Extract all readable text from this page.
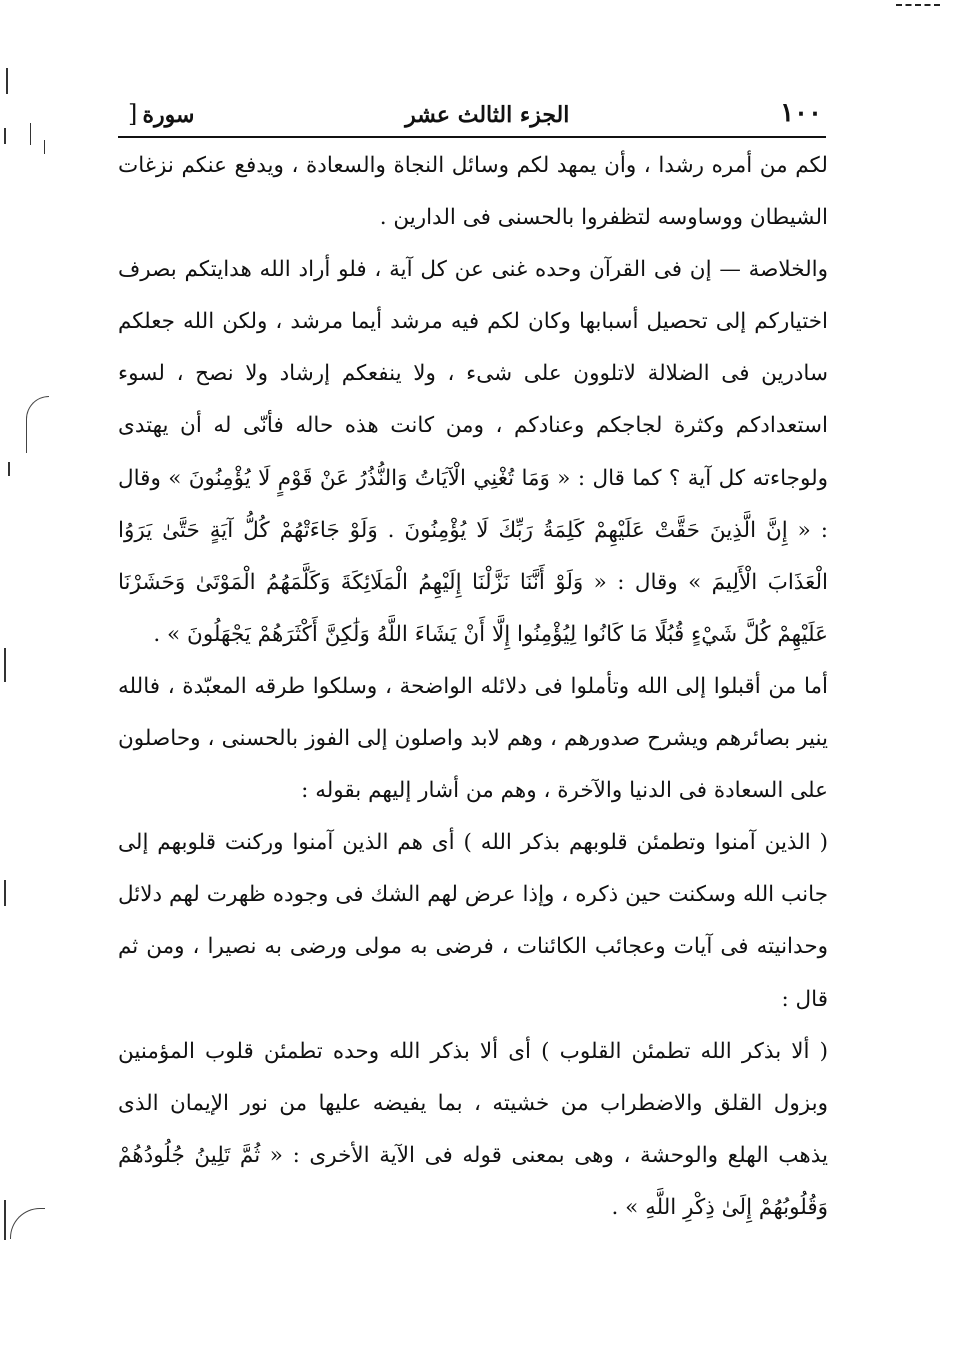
١٠٠
الجزء الثالث عشر
سورة [

لكم من أمره رشدا ، وأن يمهد لكم وسائل النجاة والسعادة ، ويدفع عنكم نزغات الشيطان ووساوسه لتظفروا بالحسنى فى الدارين .

والخلاصة — إن فى القرآن وحده غنى عن كل آية ، فلو أراد الله هدايتكم بصرف اختياركم إلى تحصيل أسبابها وكان لكم فيه مرشد أيما مرشد ، ولكن الله جعلكم سادرين فى الضلالة لاتلوون على شىء ، ولا ينفعكم إرشاد ولا نصح ، لسوء استعدادكم وكثرة لجاجكم وعنادكم ، ومن كانت هذه حاله فأنّى له أن يهتدى ولوجاءته كل آية ؟ كما قال : « وَمَا تُغْنِي الْآيَاتُ وَالنُّذُرُ عَنْ قَوْمٍ لَا يُؤْمِنُونَ » وقال : « إِنَّ الَّذِينَ حَقَّتْ عَلَيْهِمْ كَلِمَةُ رَبِّكَ لَا يُؤْمِنُونَ . وَلَوْ جَاءَتْهُمْ كُلُّ آيَةٍ حَتَّىٰ يَرَوُا الْعَذَابَ الْأَلِيمَ » وقال : « وَلَوْ أَنَّنَا نَزَّلْنَا إِلَيْهِمُ الْمَلَائِكَةَ وَكَلَّمَهُمُ الْمَوْتَىٰ وَحَشَرْنَا عَلَيْهِمْ كُلَّ شَيْءٍ قُبُلًا مَا كَانُوا لِيُؤْمِنُوا إِلَّا أَنْ يَشَاءَ اللَّهُ وَلَٰكِنَّ أَكْثَرَهُمْ يَجْهَلُونَ » .

أما من أقبلوا إلى الله وتأملوا فى دلائله الواضحة ، وسلكوا طرقه المعبّدة ، فالله ينير بصائرهم ويشرح صدورهم ، وهم لابد واصلون إلى الفوز بالحسنى ، وحاصلون على السعادة فى الدنيا والآخرة ، وهم من أشار إليهم بقوله :

( الذين آمنوا وتطمئن قلوبهم بذكر الله ) أى هم الذين آمنوا وركنت قلوبهم إلى جانب الله وسكنت حين ذكره ، وإذا عرض لهم الشك فى وجوده ظهرت لهم دلائل وحدانيته فى آيات وعجائب الكائنات ، فرضى به مولى ورضى به نصيرا ، ومن ثم قال :

( ألا بذكر الله تطمئن القلوب ) أى ألا بذكر الله وحده تطمئن قلوب المؤمنين وبزول القلق والاضطراب من خشيته ، بما يفيضه عليها من نور الإيمان الذى يذهب الهلع والوحشة ، وهى بمعنى قوله فى الآية الأخرى : « ثُمَّ تَلِينُ جُلُودُهُمْ وَقُلُوبُهُمْ إِلَىٰ ذِكْرِ اللَّهِ » .
